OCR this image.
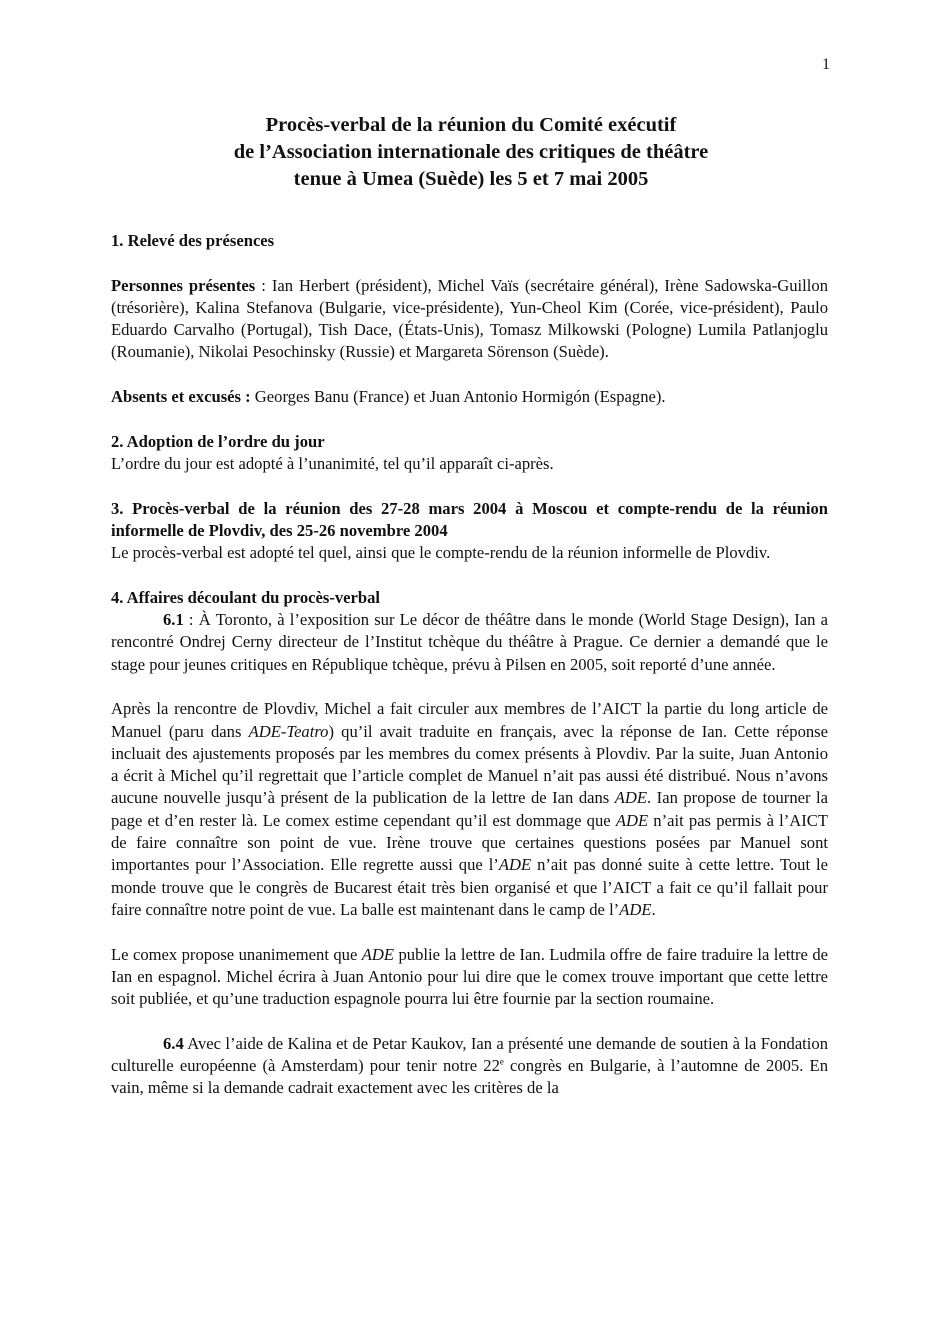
1
Procès-verbal de la réunion du Comité exécutif
de l’Association internationale des critiques de théâtre
tenue à Umea (Suède) les 5 et 7 mai 2005

1. Relevé des présences

Personnes présentes : Ian Herbert (président), Michel Vaïs (secrétaire général), Irène Sadowska-Guillon (trésorière), Kalina Stefanova (Bulgarie, vice-présidente), Yun-Cheol Kim (Corée, vice-président), Paulo Eduardo Carvalho (Portugal), Tish Dace, (États-Unis), Tomasz Milkowski (Pologne) Lumila Patlanjoglu (Roumanie), Nikolai Pesochinsky (Russie) et Margareta Sörenson (Suède).

Absents et excusés : Georges Banu (France) et Juan Antonio Hormigón (Espagne).

2. Adoption de l’ordre du jour

L’ordre du jour est adopté à l’unanimité, tel qu’il apparaît ci-après.

3. Procès-verbal de la réunion des 27-28 mars 2004 à Moscou et compte-rendu de la réunion informelle de Plovdiv, des 25-26 novembre 2004

Le procès-verbal est adopté tel quel, ainsi que le compte-rendu de la réunion informelle de Plovdiv.

4. Affaires découlant du procès-verbal

6.1 : À Toronto, à l’exposition sur Le décor de théâtre dans le monde (World Stage Design), Ian a rencontré Ondrej Cerny directeur de l’Institut tchèque du théâtre à Prague. Ce dernier a demandé que le stage pour jeunes critiques en République tchèque, prévu à Pilsen en 2005, soit reporté d’une année.

Après la rencontre de Plovdiv, Michel a fait circuler aux membres de l’AICT la partie du long article de Manuel (paru dans ADE-Teatro) qu’il avait traduite en français, avec la réponse de Ian. Cette réponse incluait des ajustements proposés par les membres du comex présents à Plovdiv. Par la suite, Juan Antonio a écrit à Michel qu’il regrettait que l’article complet de Manuel n’ait pas aussi été distribué. Nous n’avons aucune nouvelle jusqu’à présent de la publication de la lettre de Ian dans ADE. Ian propose de tourner la page et d’en rester là. Le comex estime cependant qu’il est dommage que ADE n’ait pas permis à l’AICT de faire connaître son point de vue. Irène trouve que certaines questions posées par Manuel sont importantes pour l’Association. Elle regrette aussi que l’ADE n’ait pas donné suite à cette lettre. Tout le monde trouve que le congrès de Bucarest était très bien organisé et que l’AICT a fait ce qu’il fallait pour faire connaître notre point de vue. La balle est maintenant dans le camp de l’ADE.

Le comex propose unanimement que ADE publie la lettre de Ian. Ludmila offre de faire traduire la lettre de Ian en espagnol. Michel écrira à Juan Antonio pour lui dire que le comex trouve important que cette lettre soit publiée, et qu’une traduction espagnole pourra lui être fournie par la section roumaine.

6.4 Avec l’aide de Kalina et de Petar Kaukov, Ian a présenté une demande de soutien à la Fondation culturelle européenne (à Amsterdam) pour tenir notre 22e congrès en Bulgarie, à l’automne de 2005. En vain, même si la demande cadrait exactement avec les critères de la
